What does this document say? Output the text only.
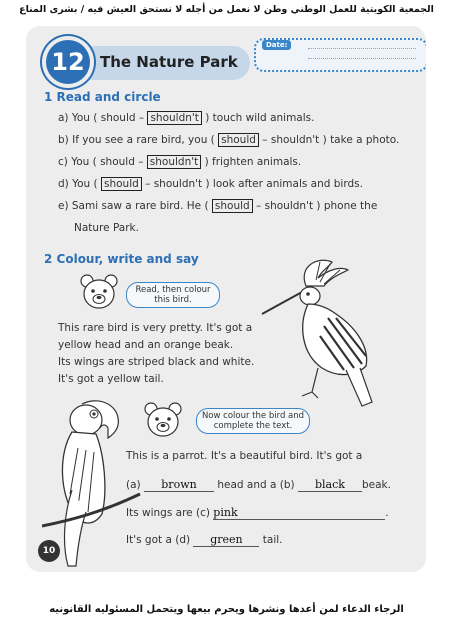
الجمعية الكويتية للعمل الوطني وطن لا نعمل من أجله لا نستحق العيش فيه / بشرى المناع
12	The Nature Park
Date:
1 Read and circle
a) You ( should – shouldn't ) touch wild animals.
b) If you see a rare bird, you ( should – shouldn't ) take a photo.
c) You ( should – shouldn't ) frighten animals.
d) You ( should – shouldn't ) look after animals and birds.
e) Sami saw a rare bird. He ( should – shouldn't ) phone the
Nature Park.
2 Colour, write and say
Read, then colour this bird.
This rare bird is very pretty. It's got a
yellow head and an orange beak.
Its wings are striped black and white.
It's got a yellow tail.
Now colour the bird and complete the text.
This is a parrot. It's a beautiful bird. It's got a
(a) brown head and a (b) black beak.
Its wings are (c) pink	.
It's got a (d) green tail.
10
الرجاء الدعاء لمن أعدها ونشرها ويحرم بيعها ويتحمل المسئوليه القانونيه
